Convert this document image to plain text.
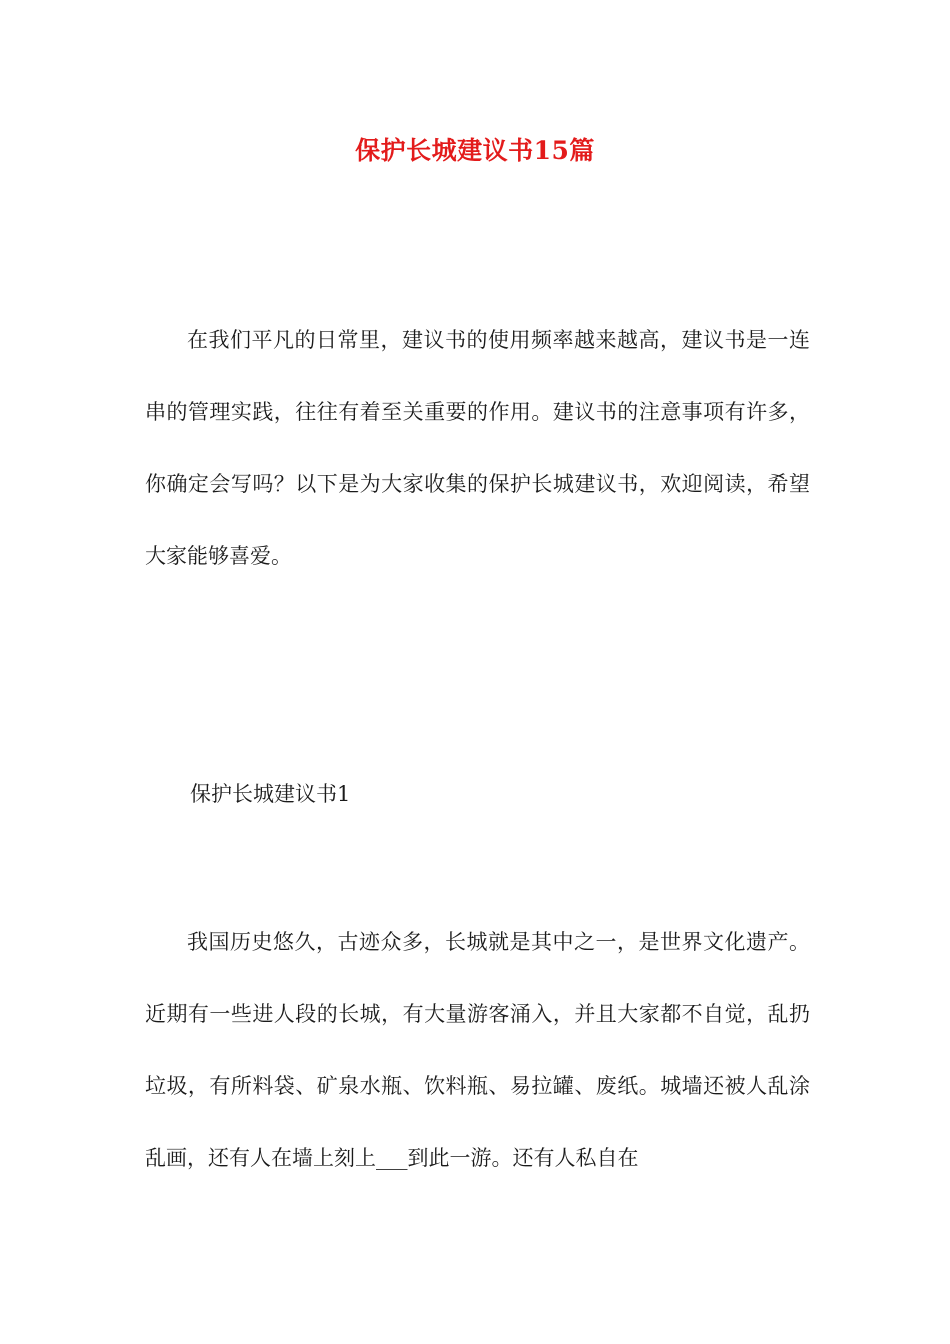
保护长城建议书15篇

在我们平凡的日常里，建议书的使用频率越来越高，建议书是一连串的管理实践，往往有着至关重要的作用。建议书的注意事项有许多，你确定会写吗？以下是为大家收集的保护长城建议书，欢迎阅读，希望大家能够喜爱。

保护长城建议书1

我国历史悠久，古迹众多，长城就是其中之一，是世界文化遗产。近期有一些进人段的长城，有大量游客涌入，并且大家都不自觉，乱扔垃圾，有所料袋、矿泉水瓶、饮料瓶、易拉罐、废纸。城墙还被人乱涂乱画，还有人在墙上刻上___到此一游。还有人私自在
